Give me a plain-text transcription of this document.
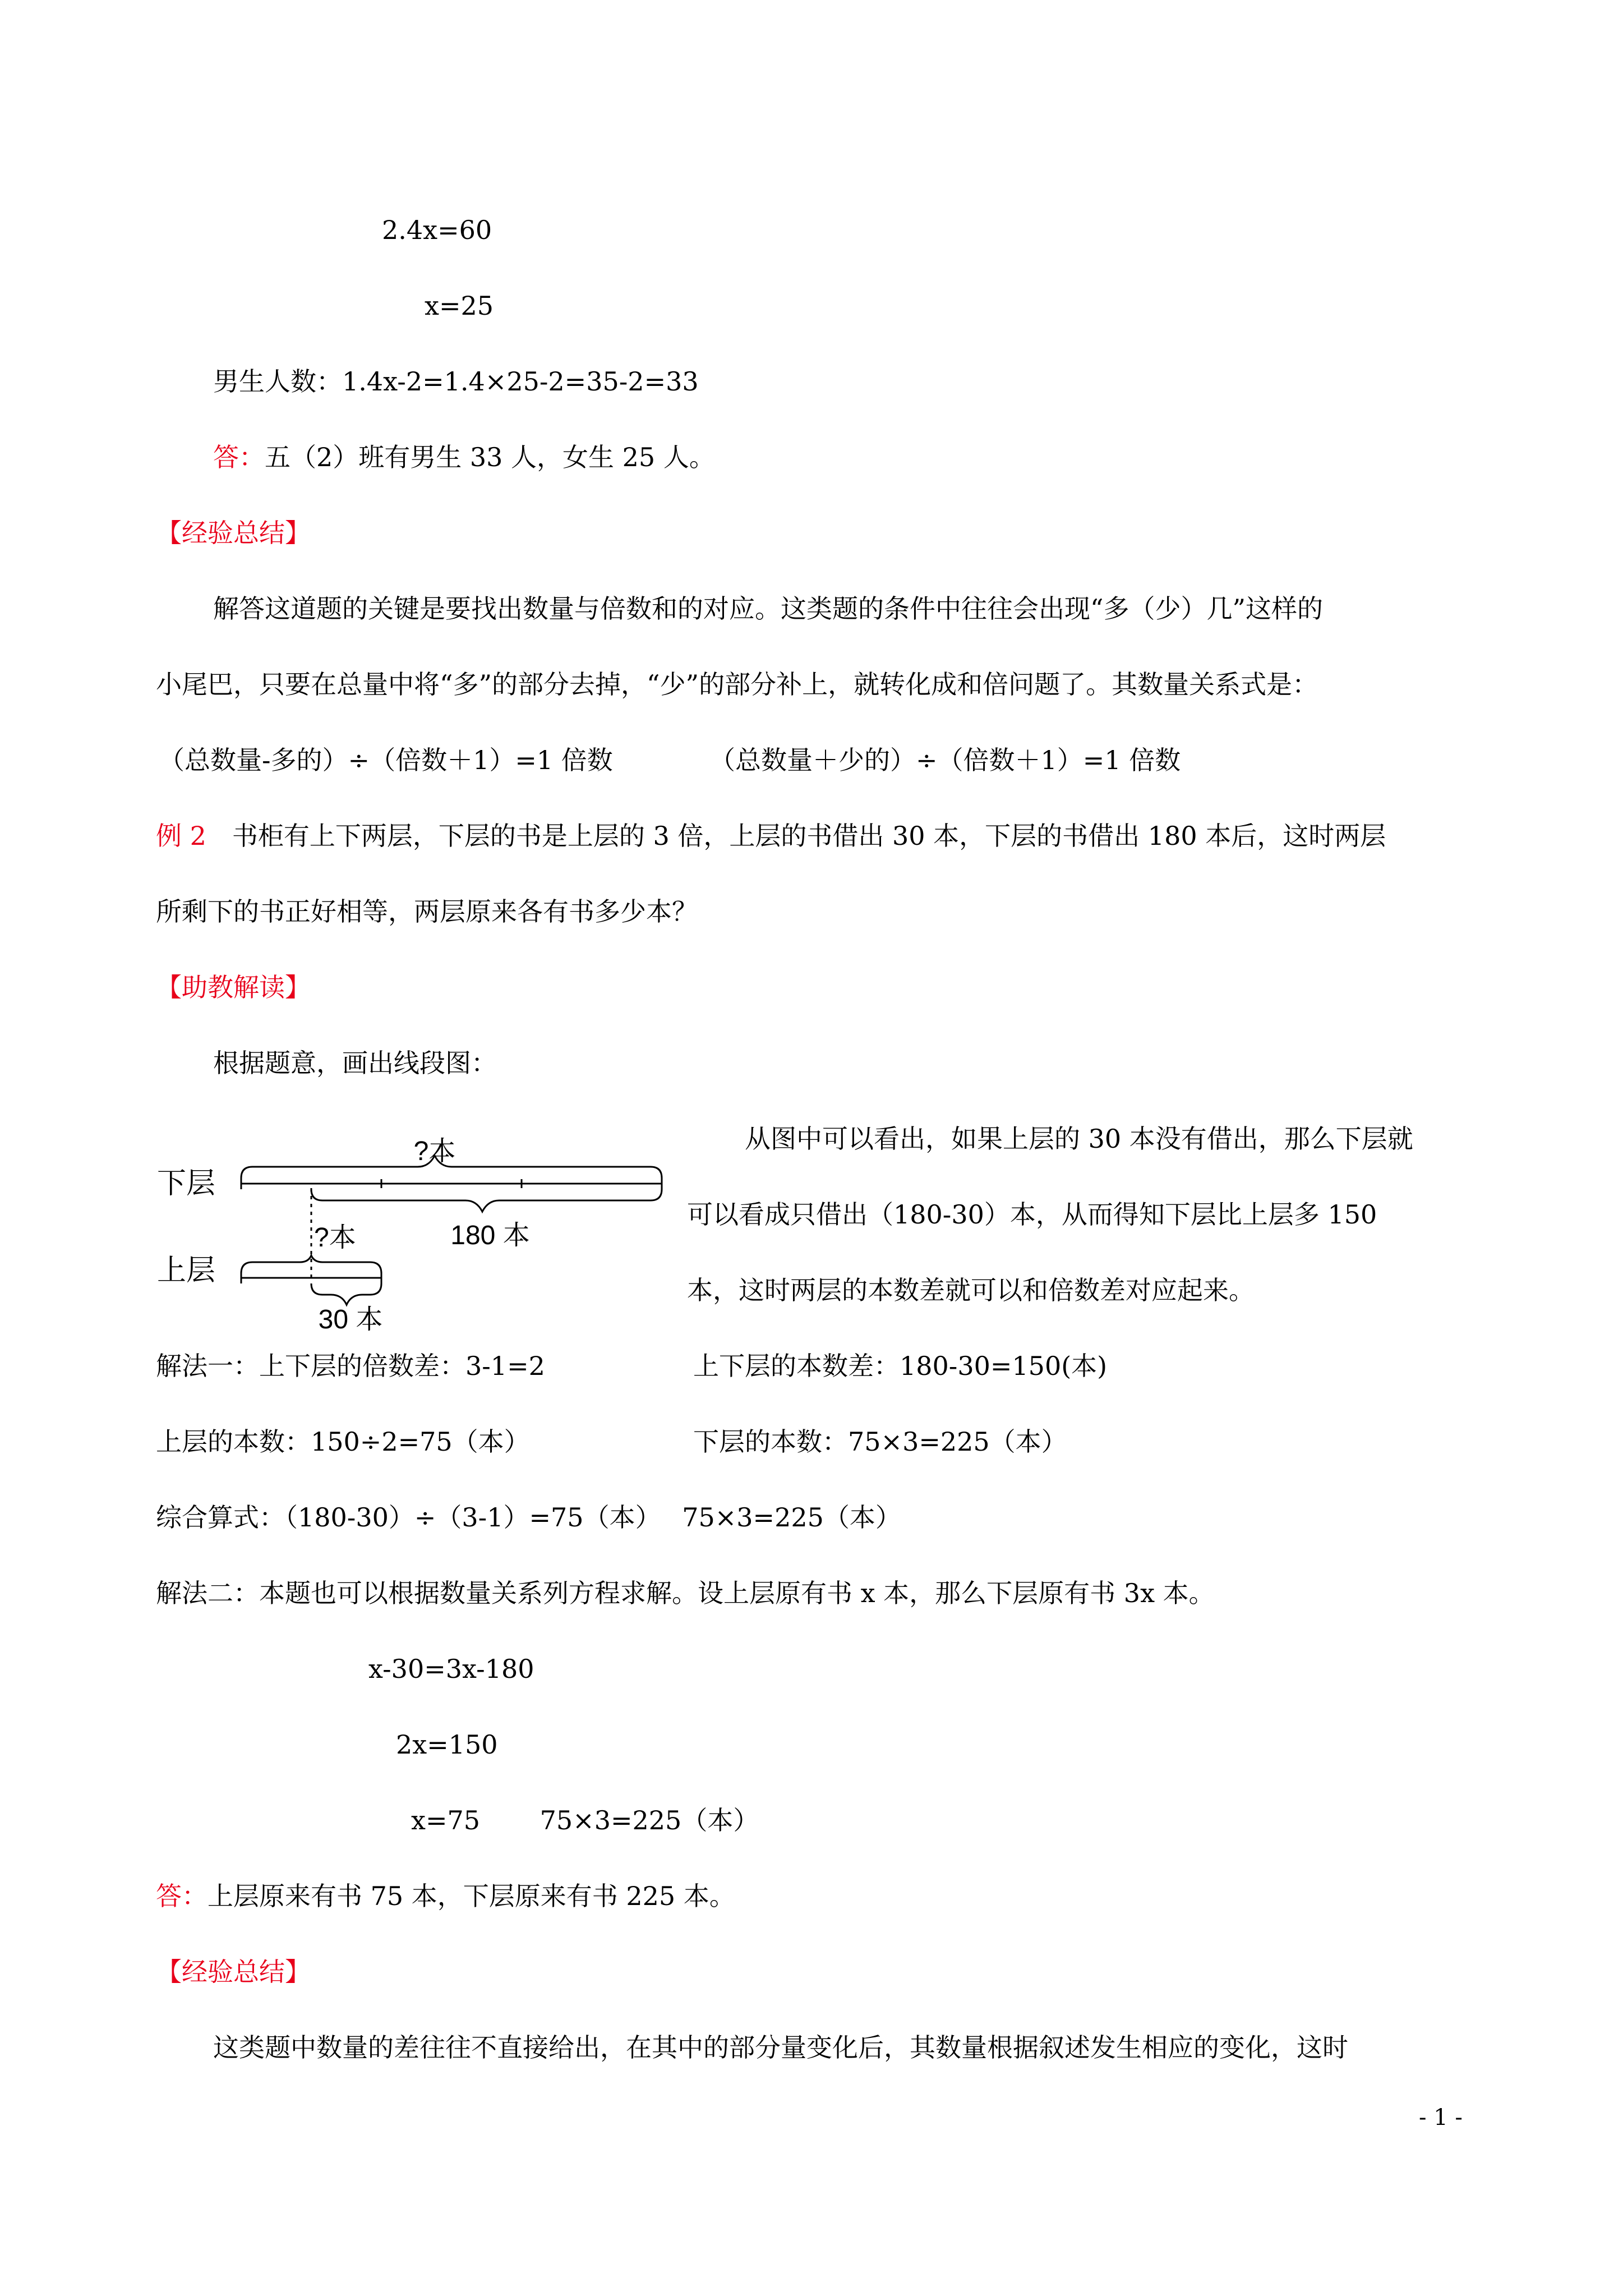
2.4x=60
x=25
男生人数：1.4x-2=1.4×25-2=35-2=33
答：五（2）班有男生 33 人，女生 25 人。
【经验总结】
解答这道题的关键是要找出数量与倍数和的对应。这类题的条件中往往会出现“多（少）几”这样的
小尾巴，只要在总量中将“多”的部分去掉，“少”的部分补上，就转化成和倍问题了。其数量关系式是：
（总数量-多的）÷（倍数＋1）=1 倍数	（总数量＋少的）÷（倍数＋1）=1 倍数
例 2　 书柜有上下两层，下层的书是上层的 3 倍，上层的书借出 30 本，下层的书借出 180 本后，这时两层
所剩下的书正好相等，两层原来各有书多少本？
【助教解读】
根据题意，画出线段图：
?本
下层
180 本
?本
上层
30 本
从图中可以看出，如果上层的 30 本没有借出，那么下层就
可以看成只借出（180-30）本，从而得知下层比上层多 150
本，这时两层的本数差就可以和倍数差对应起来。
解法一：上下层的倍数差：3-1=2	上下层的本数差：180-30=150(本)
上层的本数：150÷2=75（本）	下层的本数：75×3=225（本）
综合算式：（180-30）÷（3-1）=75（本）　 75×3=225（本）
解法二：本题也可以根据数量关系列方程求解。设上层原有书 x 本，那么下层原有书 3x 本。
x-30=3x-180
2x=150
x=75　　 75×3=225（本）
答：上层原来有书 75 本，下层原来有书 225 本。
【经验总结】
这类题中数量的差往往不直接给出，在其中的部分量变化后，其数量根据叙述发生相应的变化，这时
- 1 -
